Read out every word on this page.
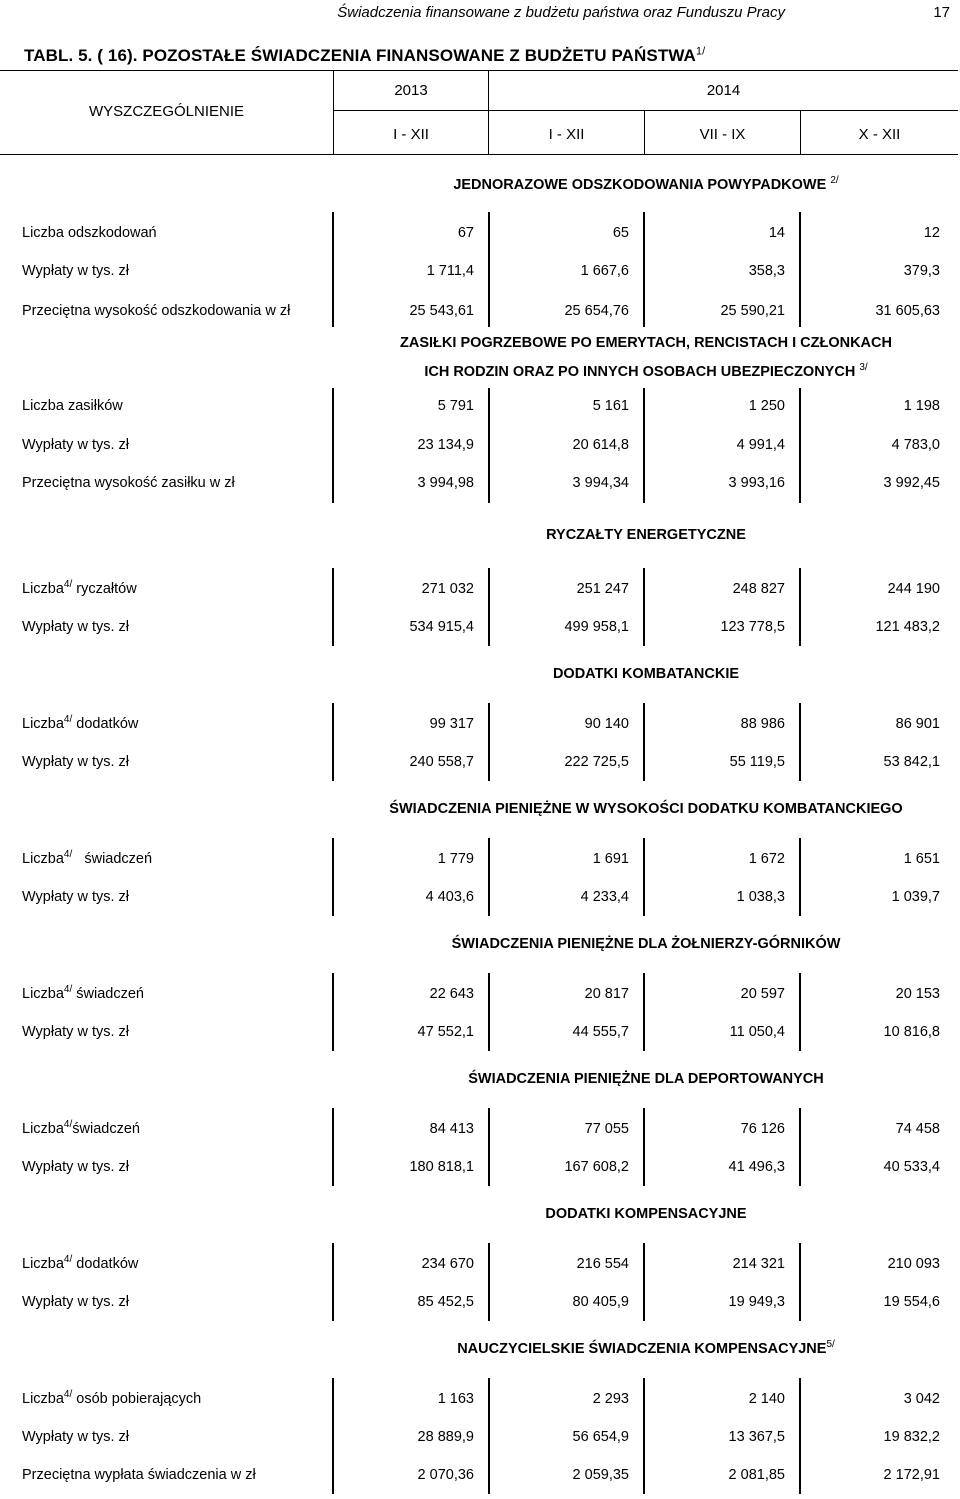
Świadczenia finansowane z budżetu państwa oraz Funduszu Pracy	17
TABL. 5. ( 16). POZOSTAŁE ŚWIADCZENIA FINANSOWANE Z BUDŻETU $PAŃSTWA^{1/}$
WYSZCZEGÓLNIENIE
2013	2014
I - XII	I - XII	VII - IX	X - XII
JEDNORAZOWE ODSZKODOWANIA POWYPADKOWE $^{2/}$
Liczba odszkodowań	67	65	14	12
Wypłaty w tys. zł	1 711,4	1 667,6	358,3	379,3
Przeciętna wysokość odszkodowania w zł	25 543,61	25 654,76	25 590,21	31 605,63
ZASIŁKI POGRZEBOWE PO EMERYTACH, RENCISTACH I CZŁONKACH
ICH RODZIN ORAZ PO INNYCH OSOBACH UBEZPIECZONYCH $^{3/}$
Liczba zasiłków	5 791	5 161	1 250	1 198
Wypłaty w tys. zł	23 134,9	20 614,8	4 991,4	4 783,0
Przeciętna wysokość zasiłku w zł	3 994,98	3 994,34	3 993,16	3 992,45
RYCZAŁTY ENERGETYCZNE
Liczba$^{4/}$ ryczałtów	271 032	251 247	248 827	244 190
Wypłaty w tys. zł	534 915,4	499 958,1	123 778,5	121 483,2
DODATKI KOMBATANCKIE
Liczba$^{4/}$ dodatków	99 317	90 140	88 986	86 901
Wypłaty w tys. zł	240 558,7	222 725,5	55 119,5	53 842,1
ŚWIADCZENIA PIENIĘŻNE W WYSOKOŚCI DODATKU KOMBATANCKIEGO
Liczba$^{4/}$   świadczeń	1 779	1 691	1 672	1 651
Wypłaty w tys. zł	4 403,6	4 233,4	1 038,3	1 039,7
ŚWIADCZENIA PIENIĘŻNE DLA ŻOŁNIERZY-GÓRNIKÓW
Liczba$^{4/}$ świadczeń	22 643	20 817	20 597	20 153
Wypłaty w tys. zł	47 552,1	44 555,7	11 050,4	10 816,8
ŚWIADCZENIA PIENIĘŻNE DLA DEPORTOWANYCH
Liczba$^{4/}$świadczeń	84 413	77 055	76 126	74 458
Wypłaty w tys. zł	180 818,1	167 608,2	41 496,3	40 533,4
DODATKI KOMPENSACYJNE
Liczba$^{4/}$ dodatków	234 670	216 554	214 321	210 093
Wypłaty w tys. zł	85 452,5	80 405,9	19 949,3	19 554,6
NAUCZYCIELSKIE ŚWIADCZENIA $KOMPENSACYJNE^{5/}$
Liczba$^{4/}$ osób pobierających	1 163	2 293	2 140	3 042
Wypłaty w tys. zł	28 889,9	56 654,9	13 367,5	19 832,2
Przeciętna wypłata świadczenia w zł	2 070,36	2 059,35	2 081,85	2 172,91
